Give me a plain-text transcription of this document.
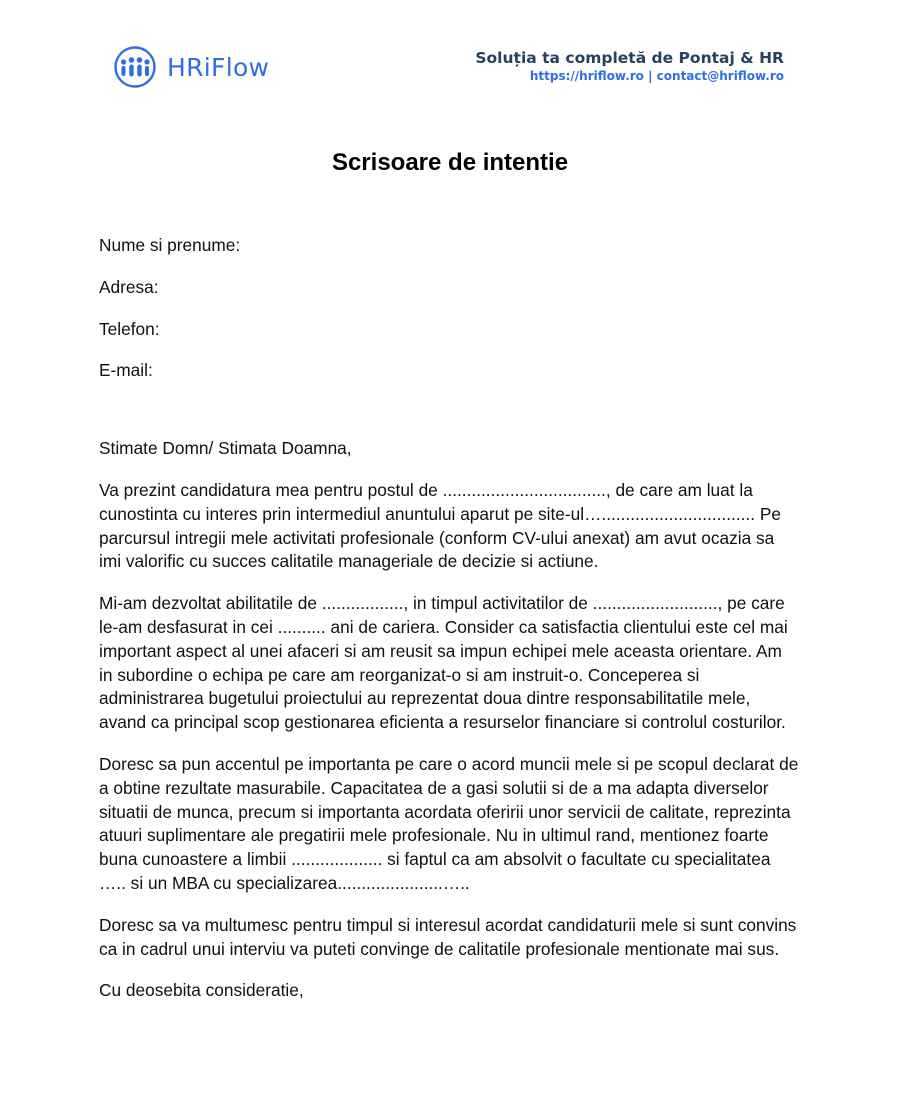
HRiFlow	Soluția ta completă de Pontaj & HR
https://hriflow.ro | contact@hriflow.ro
Scrisoare de intentie
Nume si prenume:
Adresa:
Telefon:
E-mail:
Stimate Domn/ Stimata Doamna,

Va prezint candidatura mea pentru postul de .................................., de care am luat la cunostinta cu interes prin intermediul anuntului aparut pe site-ul…................................ Pe parcursul intregii mele activitati profesionale (conform CV-ului anexat) am avut ocazia sa imi valorific cu succes calitatile manageriale de decizie si actiune.

Mi-am dezvoltat abilitatile de ................., in timpul activitatilor de .........................., pe care le-am desfasurat in cei .......... ani de cariera. Consider ca satisfactia clientului este cel mai important aspect al unei afaceri si am reusit sa impun echipei mele aceasta orientare. Am in subordine o echipa pe care am reorganizat-o si am instruit-o. Conceperea si administrarea bugetului proiectului au reprezentat doua dintre responsabilitatile mele, avand ca principal scop gestionarea eficienta a resurselor financiare si controlul costurilor.

Doresc sa pun accentul pe importanta pe care o acord muncii mele si pe scopul declarat de a obtine rezultate masurabile. Capacitatea de a gasi solutii si de a ma adapta diverselor situatii de munca, precum si importanta acordata oferirii unor servicii de calitate, reprezinta atuuri suplimentare ale pregatirii mele profesionale. Nu in ultimul rand, mentionez foarte buna cunoastere a limbii ................... si faptul ca am absolvit o facultate cu specialitatea ….. si un MBA cu specializarea......................…..

Doresc sa va multumesc pentru timpul si interesul acordat candidaturii mele si sunt convins ca in cadrul unui interviu va puteti convinge de calitatile profesionale mentionate mai sus.

Cu deosebita consideratie,
